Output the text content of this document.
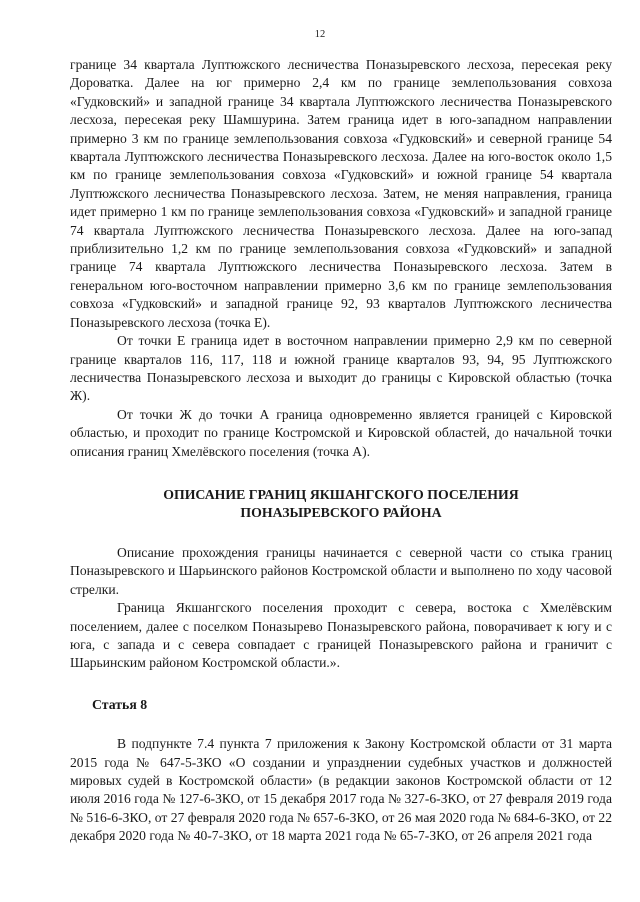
12

границе 34 квартала Луптюжского лесничества Поназыревского лесхоза, пересекая реку Дороватка. Далее на юг примерно 2,4 км по границе землепользования совхоза «Гудковский» и западной границе 34 квартала Луптюжского лесничества Поназыревского лесхоза, пересекая реку Шамшурина. Затем граница идет в юго-западном направлении примерно 3 км по границе землепользования совхоза «Гудковский» и северной границе 54 квартала Луптюжского лесничества Поназыревского лесхоза. Далее на юго-восток около 1,5 км по границе землепользования совхоза «Гудковский» и южной границе 54 квартала Луптюжского лесничества Поназыревского лесхоза. Затем, не меняя направления, граница идет примерно 1 км по границе землепользования совхоза «Гудковский» и западной границе 74 квартала Луптюжского лесничества Поназыревского лесхоза. Далее на юго-запад приблизительно 1,2 км по границе землепользования совхоза «Гудковский» и западной границе 74 квартала Луптюжского лесничества Поназыревского лесхоза. Затем в генеральном юго-восточном направлении примерно 3,6 км по границе землепользования совхоза «Гудковский» и западной границе 92, 93 кварталов Луптюжского лесничества Поназыревского лесхоза (точка Е).

От точки Е граница идет в восточном направлении примерно 2,9 км по северной границе кварталов 116, 117, 118 и южной границе кварталов 93, 94, 95 Луптюжского лесничества Поназыревского лесхоза и выходит до границы с Кировской областью (точка Ж).

От точки Ж до точки А граница одновременно является границей с Кировской областью, и проходит по границе Костромской и Кировской областей, до начальной точки описания границ Хмелёвского поселения (точка А).

ОПИСАНИЕ ГРАНИЦ ЯКШАНГСКОГО ПОСЕЛЕНИЯ
ПОНАЗЫРЕВСКОГО РАЙОНА

Описание прохождения границы начинается с северной части со стыка границ Поназыревского и Шарьинского районов Костромской области и выполнено по ходу часовой стрелки.

Граница Якшангского поселения проходит с севера, востока с Хмелёвским поселением, далее с поселком Поназырево Поназыревского района, поворачивает к югу и с юга, с запада и с севера совпадает с границей Поназыревского района и граничит с Шарьинским районом Костромской области.».

Статья 8

В подпункте 7.4 пункта 7 приложения к Закону Костромской области от 31 марта 2015 года № 647-5-ЗКО «О создании и упразднении судебных участков и должностей мировых судей в Костромской области» (в редакции законов Костромской области от 12 июля 2016 года № 127-6-ЗКО, от 15 декабря 2017 года № 327-6-ЗКО, от 27 февраля 2019 года № 516-6-ЗКО, от 27 февраля 2020 года № 657-6-ЗКО, от 26 мая 2020 года № 684-6-ЗКО, от 22 декабря 2020 года № 40-7-ЗКО, от 18 марта 2021 года № 65-7-ЗКО, от 26 апреля 2021 года
